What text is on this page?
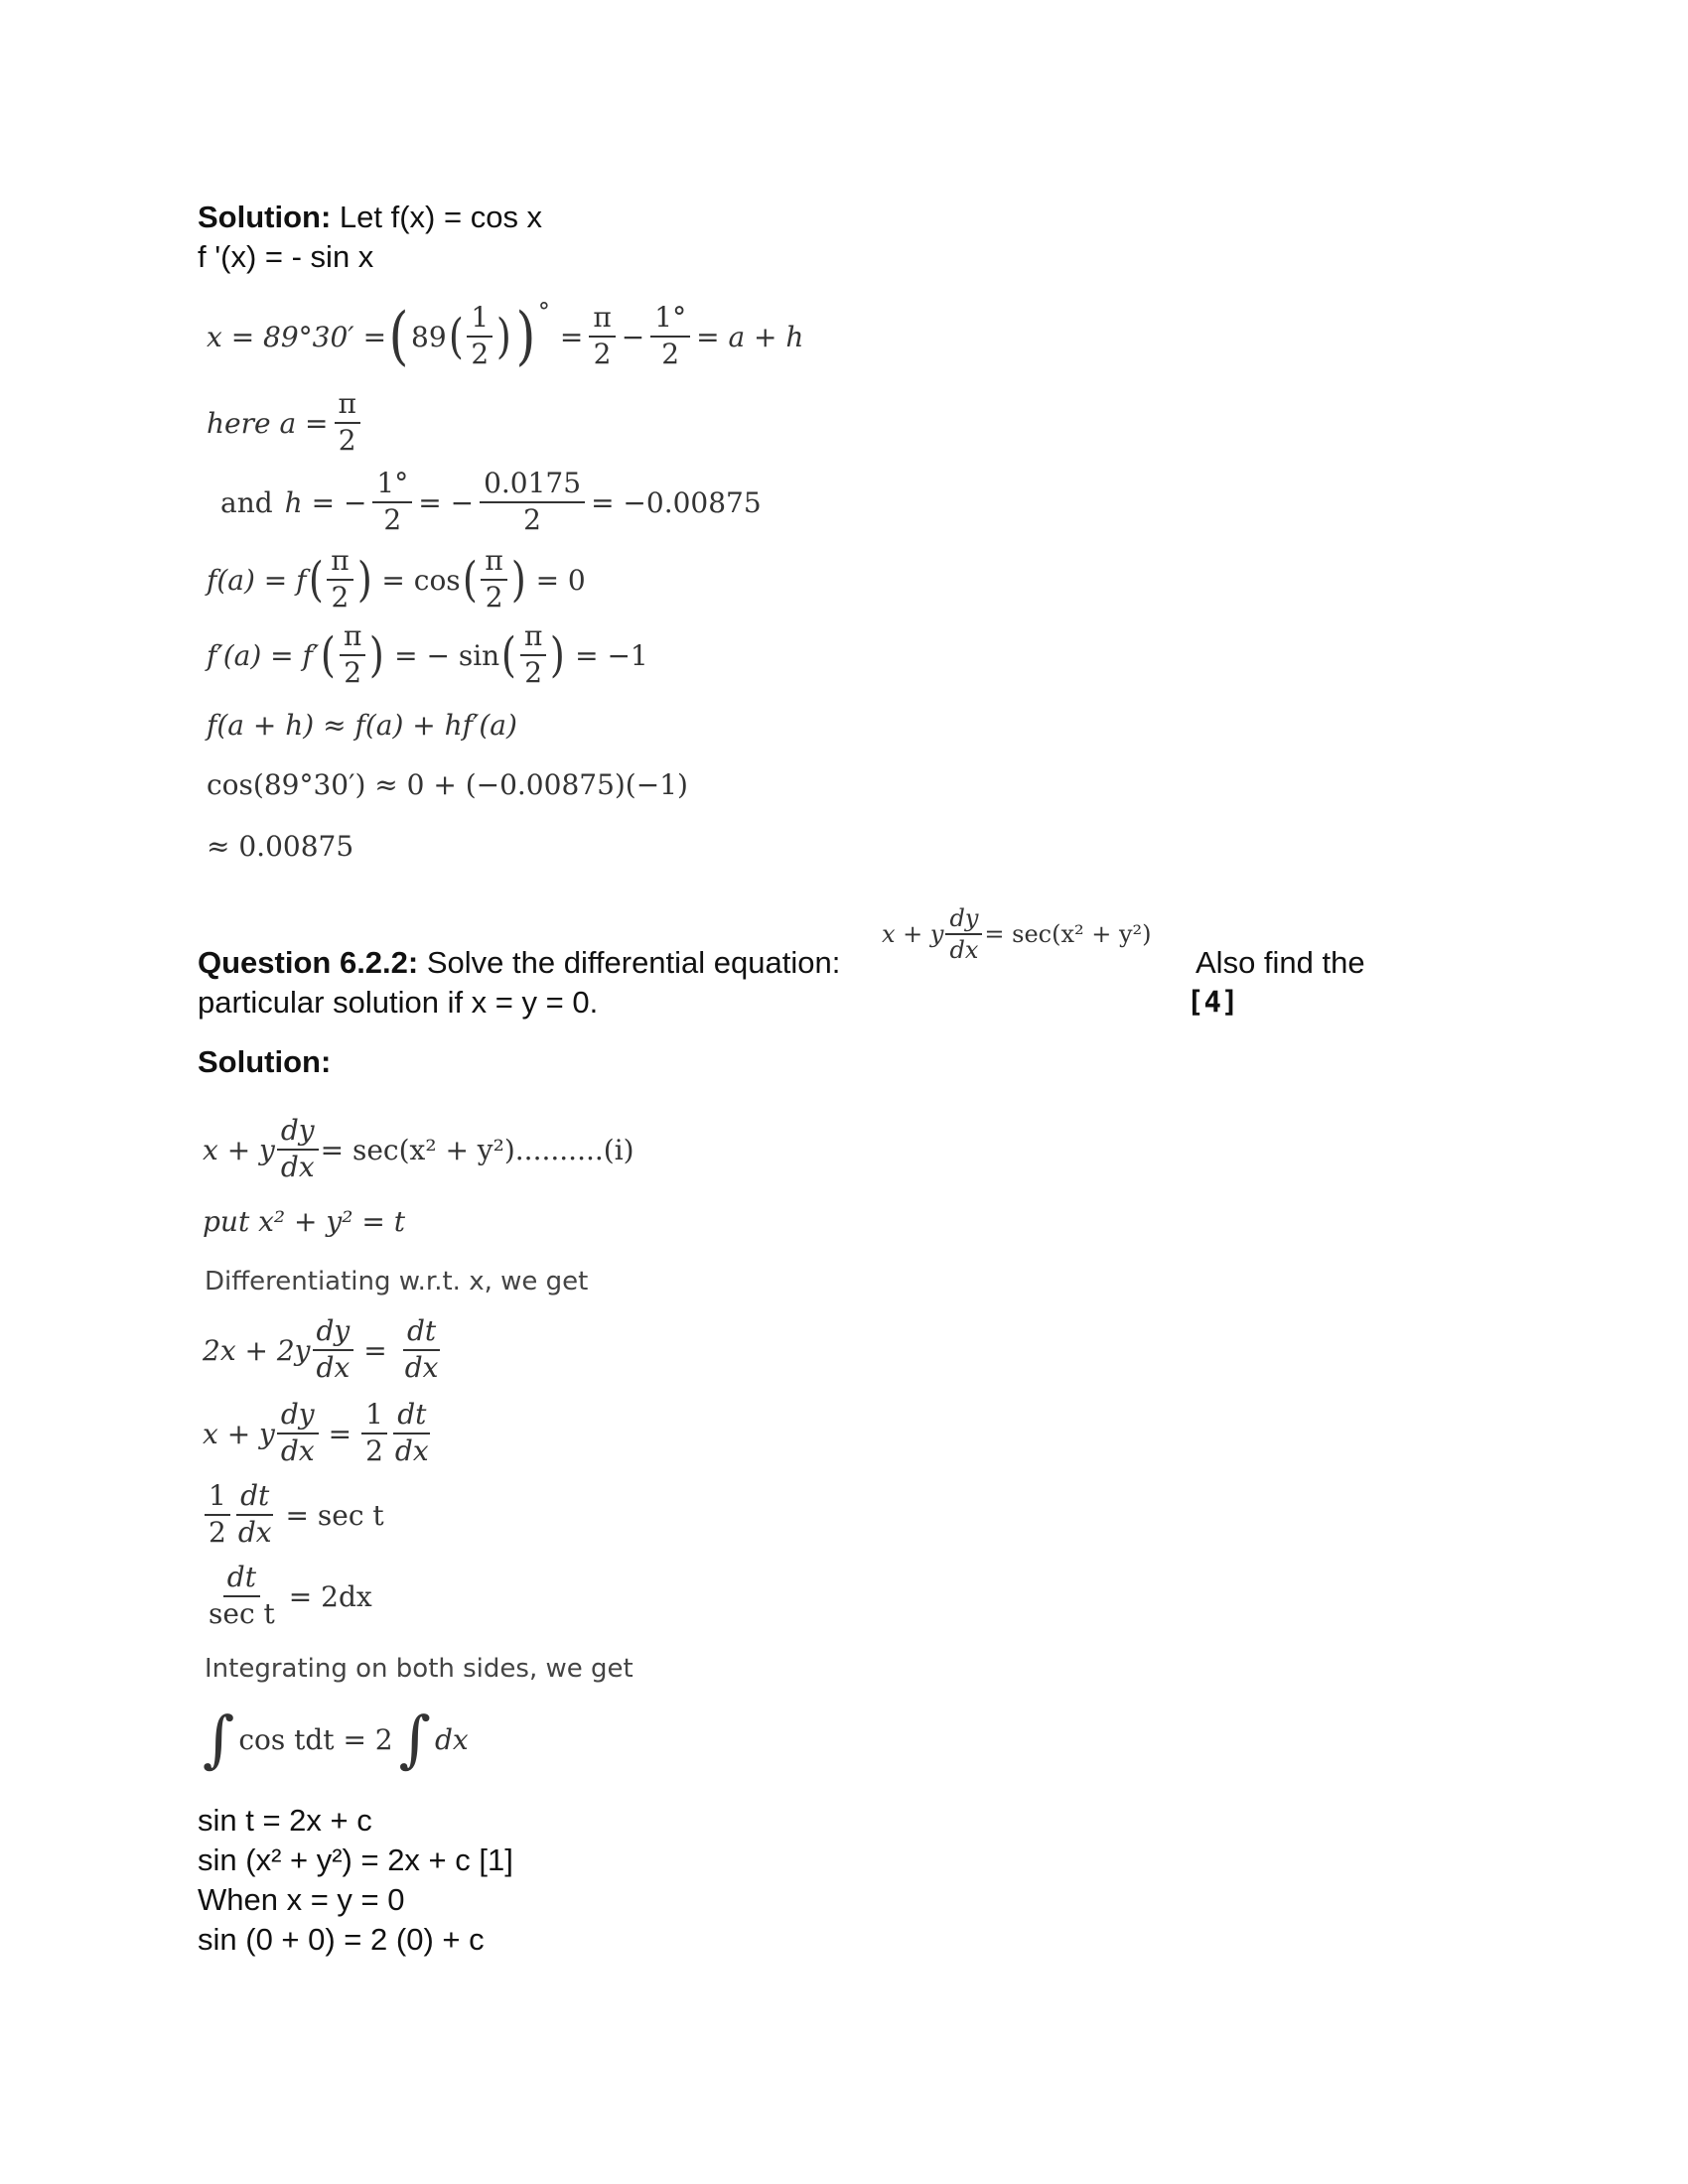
Solution: Let f(x) = cos x
f '(x) = - sin x
x = 89°30′ = ( 89 ( $\frac{1}{2}$ ) ) °
= $\frac{\pi}{2} - \frac{1^\circ}{2} = a + h$
here $a = \frac{\pi}{2}$
and h = − $\frac{1^\circ}{2}$ = − $\frac{0.0175}{2} = -0.00875$
f(a) = f ( $\frac{\pi}{2}$ ) = cos ( $\frac{\pi}{2}$ ) = 0
f′(a) = f′ ( $\frac{\pi}{2}$ ) = − sin ( $\frac{\pi}{2}$ ) = −1
f(a + h) ≈ f(a) + hf′(a)
cos(89°30′) ≈ 0 + (−0.00875)(−1)
≈ 0.00875
Question 6.2.2: Solve the differential equation:
x + y $\frac{dy}{dx} = \sec(x^2 + y^2)$
Also find the
particular solution if x = y = 0.	[4]
Solution:
x + y $\frac{dy}{dx} = \sec(x^2 + y^2)..........(i)$
put x² + y² = t
Differentiating w.r.t. x, we get
$2x + 2y \frac{dy}{dx} = \frac{dt}{dx}$
x + y $\frac{dy}{dx} = \frac{1}{2} \frac{dt}{dx}$
$\frac{1}{2} \frac{dt}{dx} = \sec t$
$\frac{dt}{\text{sec t}} = 2dx$
Integrating on both sides, we get
∫ cos tdt = 2 ∫ dx
sin t = 2x + c
sin (x² + y²) = 2x + c [1]
When x = y = 0
sin (0 + 0) = 2 (0) + c
